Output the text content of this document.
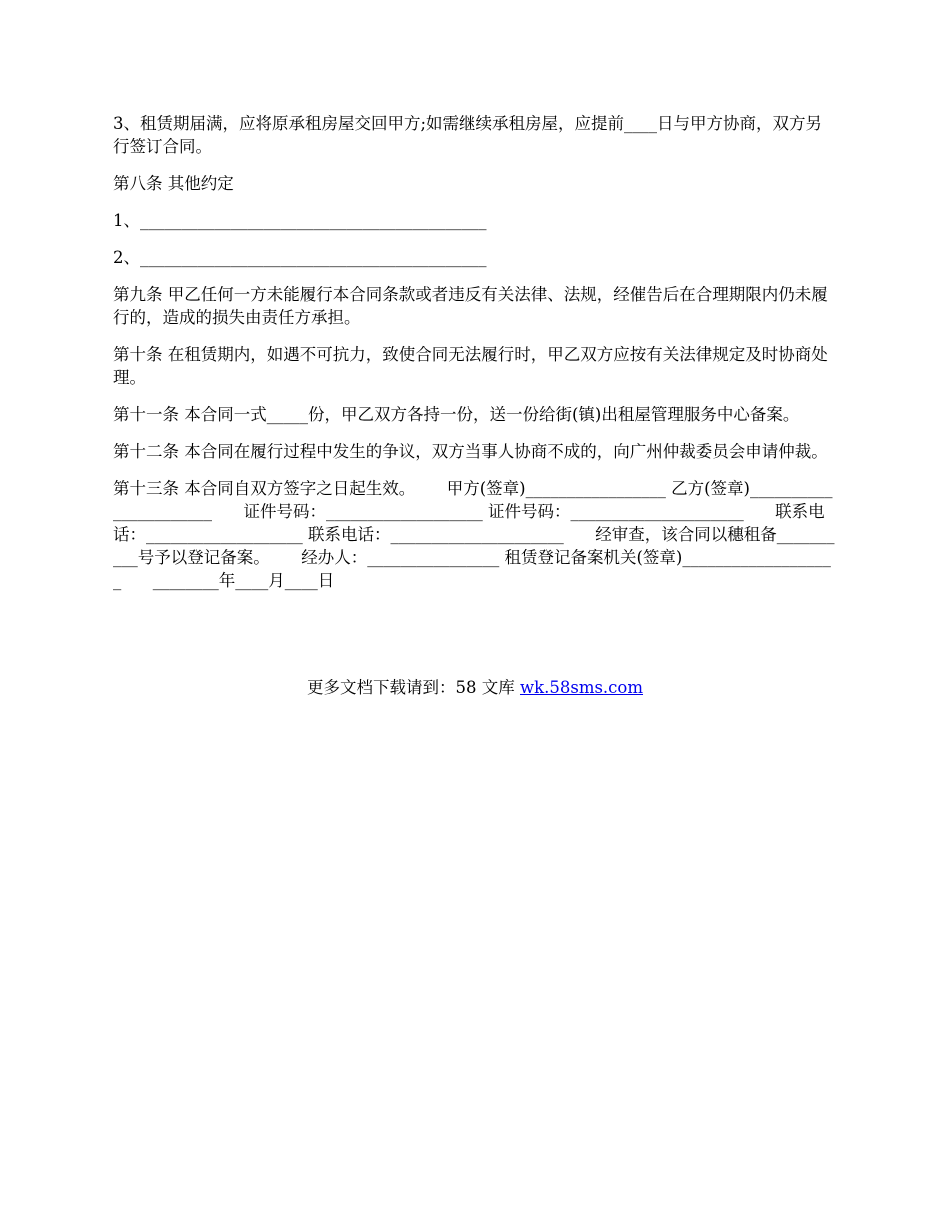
3、租赁期届满，应将原承租房屋交回甲方;如需继续承租房屋，应提前____日与甲方协商，双方另行签订合同。

第八条 其他约定

1、__________________________________________

2、__________________________________________

第九条 甲乙任何一方未能履行本合同条款或者违反有关法律、法规，经催告后在合理期限内仍未履行的，造成的损失由责任方承担。

第十条 在租赁期内，如遇不可抗力，致使合同无法履行时，甲乙双方应按有关法律规定及时协商处理。

第十一条 本合同一式_____份，甲乙双方各持一份，送一份给街(镇)出租屋管理服务中心备案。

第十二条 本合同在履行过程中发生的争议，双方当事人协商不成的，向广州仲裁委员会申请仲裁。

第十三条 本合同自双方签字之日起生效。      甲方(签章)_________________ 乙方(签章)______________________      证件号码：___________________ 证件号码：_____________________      联系电话：___________________ 联系电话：_____________________      经审查，该合同以穗租备__________号予以登记备案。      经办人：________________ 租赁登记备案机关(签章)___________________      ________年____月____日

更多文档下载请到：58 文库 wk.58sms.com
